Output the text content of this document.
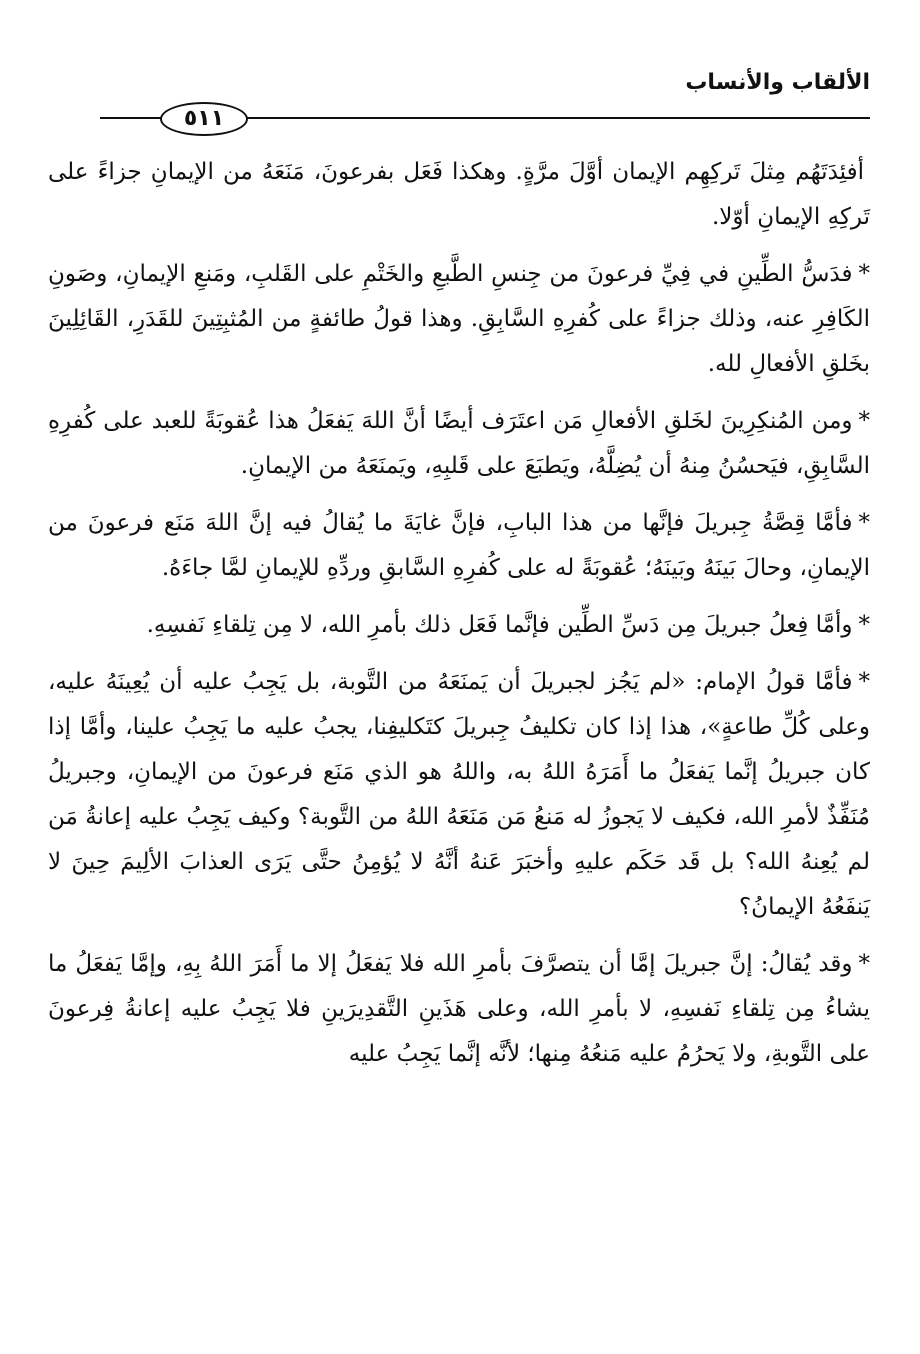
الألقاب والأنساب
٥١١

أفئِدَتَهُم مِثلَ تَركِهِم الإيمان أوَّلَ مرَّةٍ. وهكذا فَعَل بفرعونَ، مَنَعَهُ من الإيمانِ جزاءً على تَركِهِ الإيمانِ أوّلا.

*فدَسُّ الطِّينِ في فِيِّ فرعونَ من جِنسِ الطَّبعِ والخَتْمِ على القَلبِ، ومَنعِ الإيمانِ، وصَونِ الكَافِرِ عنه، وذلك جزاءً على كُفرِهِ السَّابِقِ. وهذا قولُ طائفةٍ من المُثبِتِينَ للقَدَرِ، القَائِلِينَ بخَلقِ الأفعالِ لله.

*ومن المُنكِرِينَ لخَلقِ الأفعالِ مَن اعتَرَف أيضًا أنَّ اللهَ يَفعَلُ هذا عُقوبَةً للعبد على كُفرِهِ السَّابِقِ، فيَحسُنُ مِنهُ أن يُضِلَّهُ، ويَطبَعَ على قَلبِهِ، ويَمنَعَهُ من الإيمانِ.

*فأمَّا قِصَّةُ جِبريلَ فإنَّها من هذا البابِ، فإنَّ غايَةَ ما يُقالُ فيه إنَّ اللهَ مَنَع فرعونَ من الإيمانِ، وحالَ بَينَهُ وبَينَهُ؛ عُقوبَةً له على كُفرِهِ السَّابقِ وردِّهِ للإيمانِ لمَّا جاءَهُ.

*وأمَّا فِعلُ جبريلَ مِن دَسِّ الطِّين فإنَّما فَعَل ذلك بأمرِ الله، لا مِن تِلقاءِ نَفسِهِ.

*فأمَّا قولُ الإمام: «لم يَجُز لجبريلَ أن يَمنَعَهُ من التَّوبة، بل يَجِبُ عليه أن يُعِينَهُ عليه، وعلى كُلِّ طاعةٍ»، هذا إذا كان تكليفُ جِبريلَ كتَكليفِنا، يجبُ عليه ما يَجِبُ علينا، وأمَّا إذا كان جبريلُ إنَّما يَفعَلُ ما أَمَرَهُ اللهُ به، واللهُ هو الذي مَنَع فرعونَ من الإيمانِ، وجبريلُ مُنَفِّذٌ لأمرِ الله، فكيف لا يَجوزُ له مَنعُ مَن مَنَعَهُ اللهُ من التَّوبة؟ وكيف يَجِبُ عليه إعانةُ مَن لم يُعِنهُ الله؟ بل قَد حَكَم عليهِ وأخبَرَ عَنهُ أنَّهُ لا يُؤمِنُ حتَّى يَرَى العذابَ الألِيمَ حِينَ لا يَنفَعُهُ الإيمانُ؟

*وقد يُقالُ: إنَّ جبريلَ إمَّا أن يتصرَّفَ بأمرِ الله فلا يَفعَلُ إلا ما أَمَرَ اللهُ بِهِ، وإمَّا يَفعَلُ ما يشاءُ مِن تِلقاءِ نَفسِهِ، لا بأمرِ الله، وعلى هَذَينِ التَّقدِيرَينِ فلا يَجِبُ عليه إعانةُ فِرعونَ على التَّوبةِ، ولا يَحرُمُ عليه مَنعُهُ مِنها؛ لأنَّه إنَّما يَجِبُ عليه
